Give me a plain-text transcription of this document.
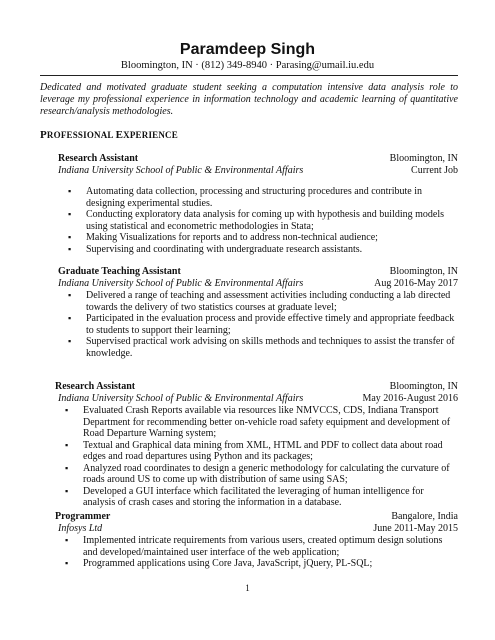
Paramdeep Singh
Bloomington, IN · (812) 349-8940 · Parasing@umail.iu.edu
Dedicated and motivated graduate student seeking a computation intensive data analysis role to leverage my professional experience in information technology and academic learning of quantitative research/analysis methodologies.
PROFESSIONAL EXPERIENCE
Research Assistant	Bloomington, IN
Indiana University School of Public & Environmental Affairs	Current Job
▪ Automating data collection, processing and structuring procedures and contribute in designing experimental studies.
▪ Conducting exploratory data analysis for coming up with hypothesis and building models using statistical and econometric methodologies in Stata;
▪ Making Visualizations for reports and to address non-technical audience;
▪ Supervising and coordinating with undergraduate research assistants.
Graduate Teaching Assistant	Bloomington, IN
Indiana University School of Public & Environmental Affairs	Aug 2016-May 2017
▪ Delivered a range of teaching and assessment activities including conducting a lab directed towards the delivery of two statistics courses at graduate level;
▪ Participated in the evaluation process and provide effective timely and appropriate feedback to students to support their learning;
▪ Supervised practical work advising on skills methods and techniques to assist the transfer of knowledge.
Research Assistant	Bloomington, IN
Indiana University School of Public & Environmental Affairs	May 2016-August 2016
▪ Evaluated Crash Reports available via resources like NMVCCS, CDS, Indiana Transport Department for recommending better on-vehicle road safety equipment and development of Road Departure Warning system;
▪ Textual and Graphical data mining from XML, HTML and PDF to collect data about road edges and road departures using Python and its packages;
▪ Analyzed road coordinates to design a generic methodology for calculating the curvature of roads around US to come up with distribution of same using SAS;
▪ Developed a GUI interface which facilitated the leveraging of human intelligence for analysis of crash cases and storing the information in a database.
Programmer	Bangalore, India
Infosys Ltd	June 2011-May 2015
▪ Implemented intricate requirements from various users, created optimum design solutions and developed/maintained user interface of the web application;
▪ Programmed applications using Core Java, JavaScript, jQuery, PL-SQL;
1
